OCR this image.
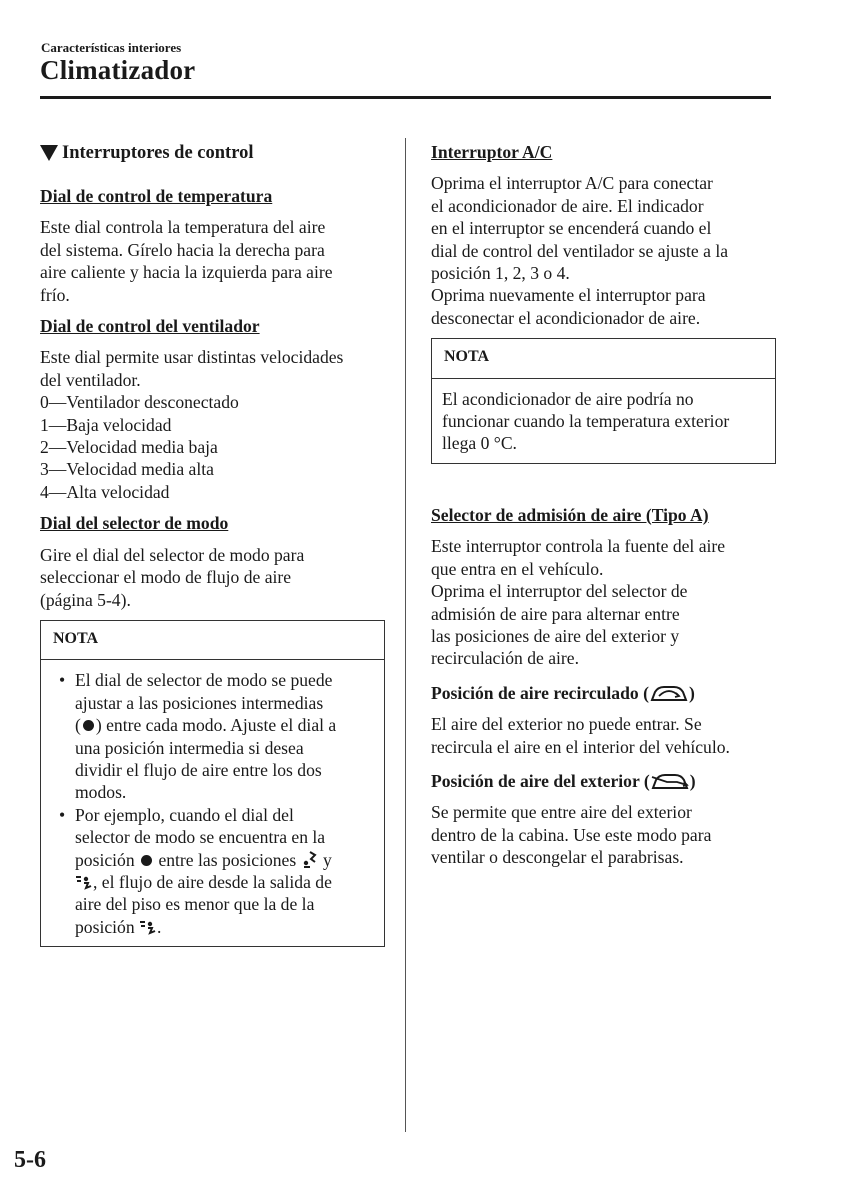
Características interiores
Climatizador
Interruptores de control
Dial de control de temperatura
Este dial controla la temperatura del aire
del sistema. Gírelo hacia la derecha para
aire caliente y hacia la izquierda para aire
frío.
Dial de control del ventilador
Este dial permite usar distintas velocidades
del ventilador.
0—Ventilador desconectado
1—Baja velocidad
2—Velocidad media baja
3—Velocidad media alta
4—Alta velocidad
Dial del selector de modo
Gire el dial del selector de modo para
seleccionar el modo de flujo de aire
(página 5-4).
NOTA
• El dial de selector de modo se puede
ajustar a las posiciones intermedias
( ) entre cada modo. Ajuste el dial a
una posición intermedia si desea
dividir el flujo de aire entre los dos
modos.
• Por ejemplo, cuando el dial del
selector de modo se encuentra en la
posición entre las posiciones y
, el flujo de aire desde la salida de
aire del piso es menor que la de la
posición .
Interruptor A/C
Oprima el interruptor A/C para conectar
el acondicionador de aire. El indicador
en el interruptor se encenderá cuando el
dial de control del ventilador se ajuste a la
posición 1, 2, 3 o 4.
Oprima nuevamente el interruptor para
desconectar el acondicionador de aire.
NOTA
El acondicionador de aire podría no
funcionar cuando la temperatura exterior
llega 0 °C.
Selector de admisión de aire (Tipo A)
Este interruptor controla la fuente del aire
que entra en el vehículo.
Oprima el interruptor del selector de
admisión de aire para alternar entre
las posiciones de aire del exterior y
recirculación de aire.
Posición de aire recirculado ( )
El aire del exterior no puede entrar. Se
recircula el aire en el interior del vehículo.
Posición de aire del exterior ( )
Se permite que entre aire del exterior
dentro de la cabina. Use este modo para
ventilar o descongelar el parabrisas.
5-6
